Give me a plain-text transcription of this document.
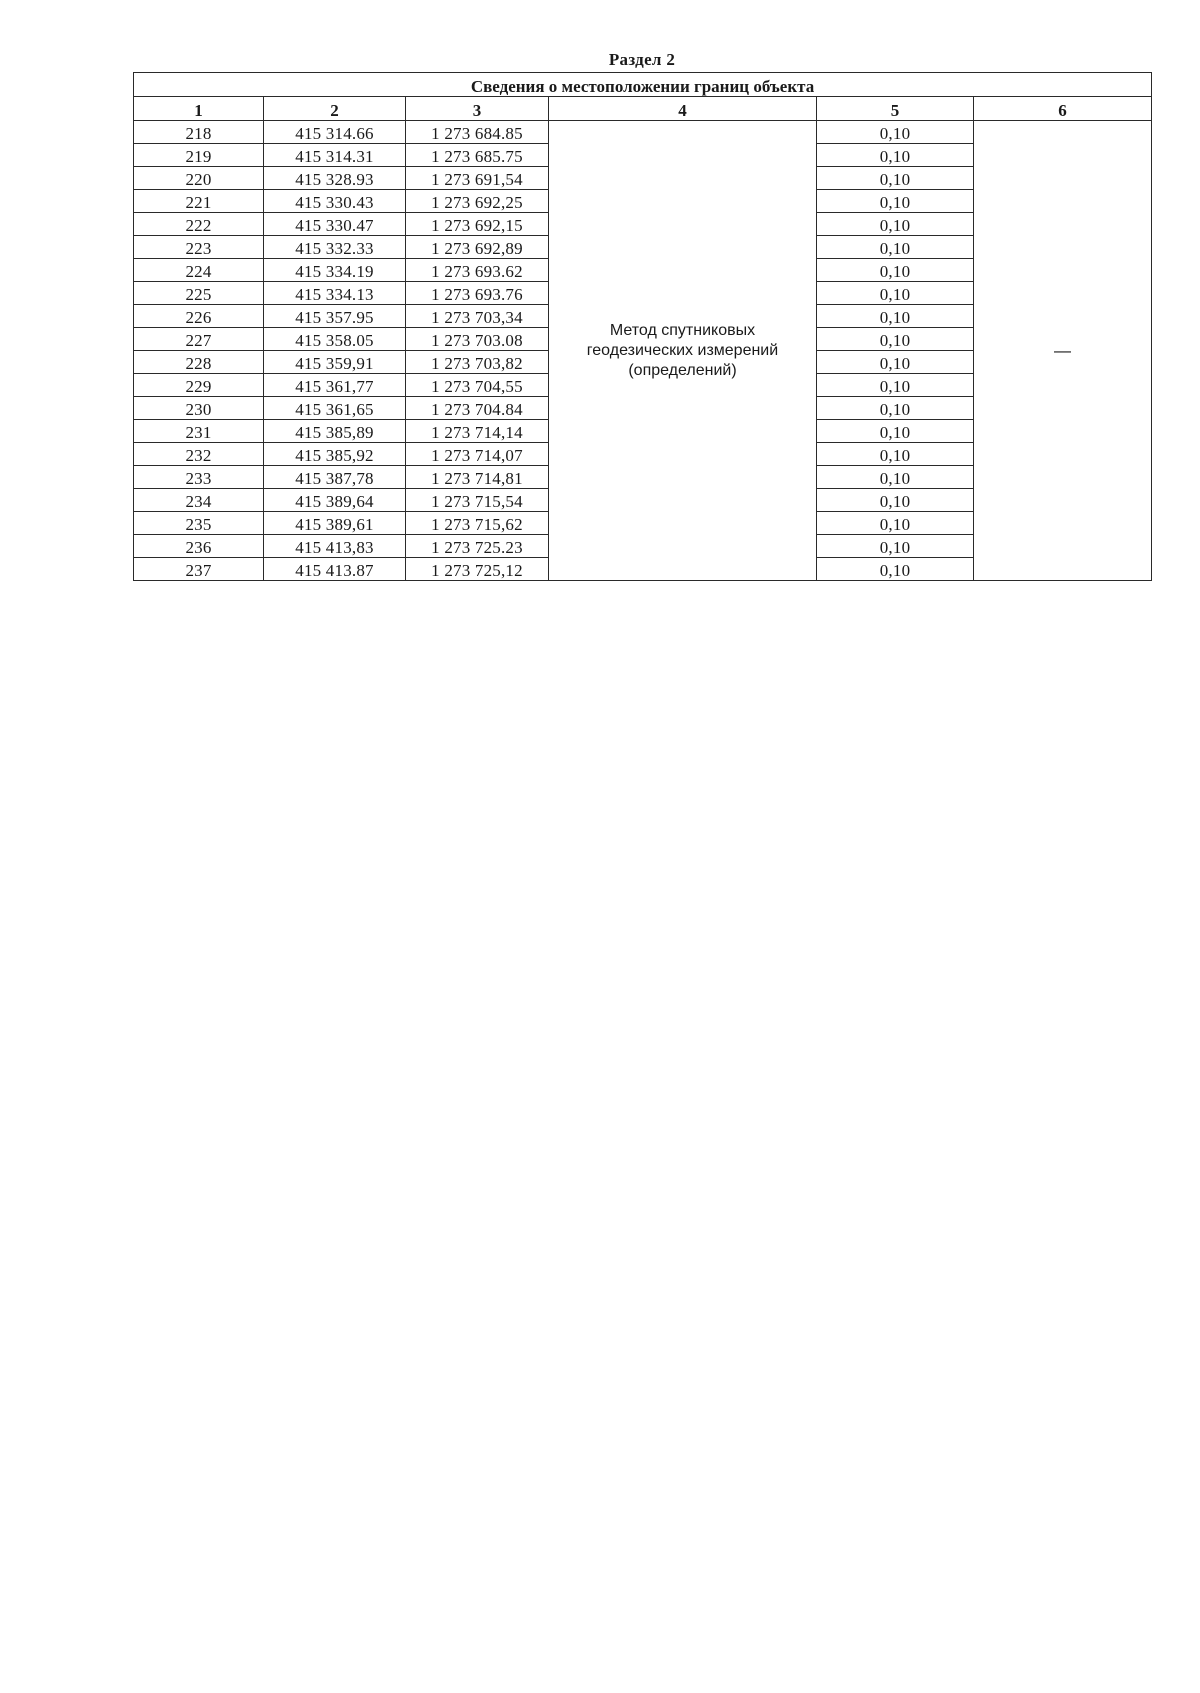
Раздел 2
Сведения о местоположении границ объекта					
1	2	3	4	5	6
218	415 314.66	1 273 684.85	Метод спутниковых
геодезических измерений
(определений)	0,10	—
219	415 314.31	1 273 685.75		0,10	
220	415 328.93	1 273 691,54		0,10	
221	415 330.43	1 273 692,25		0,10	
222	415 330.47	1 273 692,15		0,10	
223	415 332.33	1 273 692,89		0,10	
224	415 334.19	1 273 693.62		0,10	
225	415 334.13	1 273 693.76		0,10	
226	415 357.95	1 273 703,34		0,10	
227	415 358.05	1 273 703.08		0,10	
228	415 359,91	1 273 703,82		0,10	
229	415 361,77	1 273 704,55		0,10	
230	415 361,65	1 273 704.84		0,10	
231	415 385,89	1 273 714,14		0,10	
232	415 385,92	1 273 714,07		0,10	
233	415 387,78	1 273 714,81		0,10	
234	415 389,64	1 273 715,54		0,10	
235	415 389,61	1 273 715,62		0,10	
236	415 413,83	1 273 725.23		0,10	
237	415 413.87	1 273 725,12		0,10	
